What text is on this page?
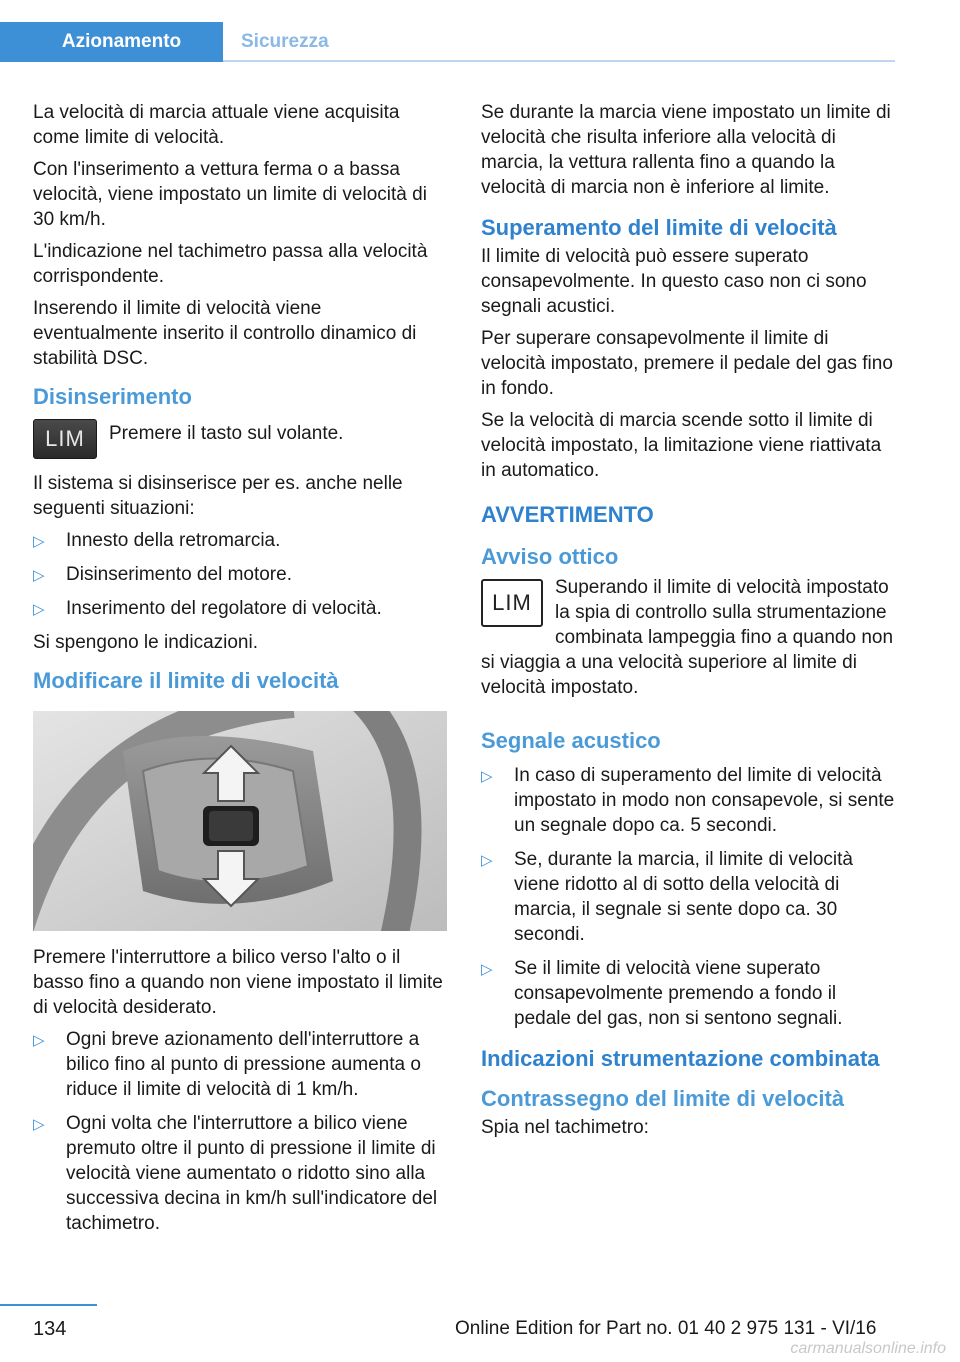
Azionamento	Sicurezza

La velocità di marcia attuale viene acquisita come limite di velocità.

Con l'inserimento a vettura ferma o a bassa velocità, viene impostato un limite di velocità di 30 km/h.

L'indicazione nel tachimetro passa alla velocità corrispondente.

Inserendo il limite di velocità viene eventualmente inserito il controllo dinamico di stabilità DSC.

Disinserimento
LIM	Premere il tasto sul volante.

Il sistema si disinserisce per es. anche nelle seguenti situazioni:

▷ Innesto della retromarcia.
▷ Disinserimento del motore.
▷ Inserimento del regolatore di velocità.

Si spengono le indicazioni.

Modificare il limite di velocità

Premere l'interruttore a bilico verso l'alto o il basso fino a quando non viene impostato il limite di velocità desiderato.

▷ Ogni breve azionamento dell'interruttore a bilico fino al punto di pressione aumenta o riduce il limite di velocità di 1 km/h.
▷ Ogni volta che l'interruttore a bilico viene premuto oltre il punto di pressione il limite di velocità viene aumentato o ridotto sino alla successiva decina in km/h sull'indicatore del tachimetro.

Se durante la marcia viene impostato un limite di velocità che risulta inferiore alla velocità di marcia, la vettura rallenta fino a quando la velocità di marcia non è inferiore al limite.

Superamento del limite di velocità

Il limite di velocità può essere superato consapevolmente. In questo caso non ci sono segnali acustici.

Per superare consapevolmente il limite di velocità impostato, premere il pedale del gas fino in fondo.

Se la velocità di marcia scende sotto il limite di velocità impostato, la limitazione viene riattivata in automatico.

AVVERTIMENTO
Avviso ottico
LIM

Superando il limite di velocità impostato la spia di controllo sulla strumentazione combinata lampeggia fino a quando non si viaggia a una velocità superiore al limite di velocità impostato.

Segnale acustico
▷ In caso di superamento del limite di velocità impostato in modo non consapevole, si sente un segnale dopo ca. 5 secondi.
▷ Se, durante la marcia, il limite di velocità viene ridotto al di sotto della velocità di marcia, il segnale si sente dopo ca. 30 secondi.
▷ Se il limite di velocità viene superato consapevolmente premendo a fondo il pedale del gas, non si sentono segnali.
Indicazioni strumentazione combinata
Contrassegno del limite di velocità

Spia nel tachimetro:

134	Online Edition for Part no. 01 40 2 975 131 - VI/16
carmanualsonline.info
